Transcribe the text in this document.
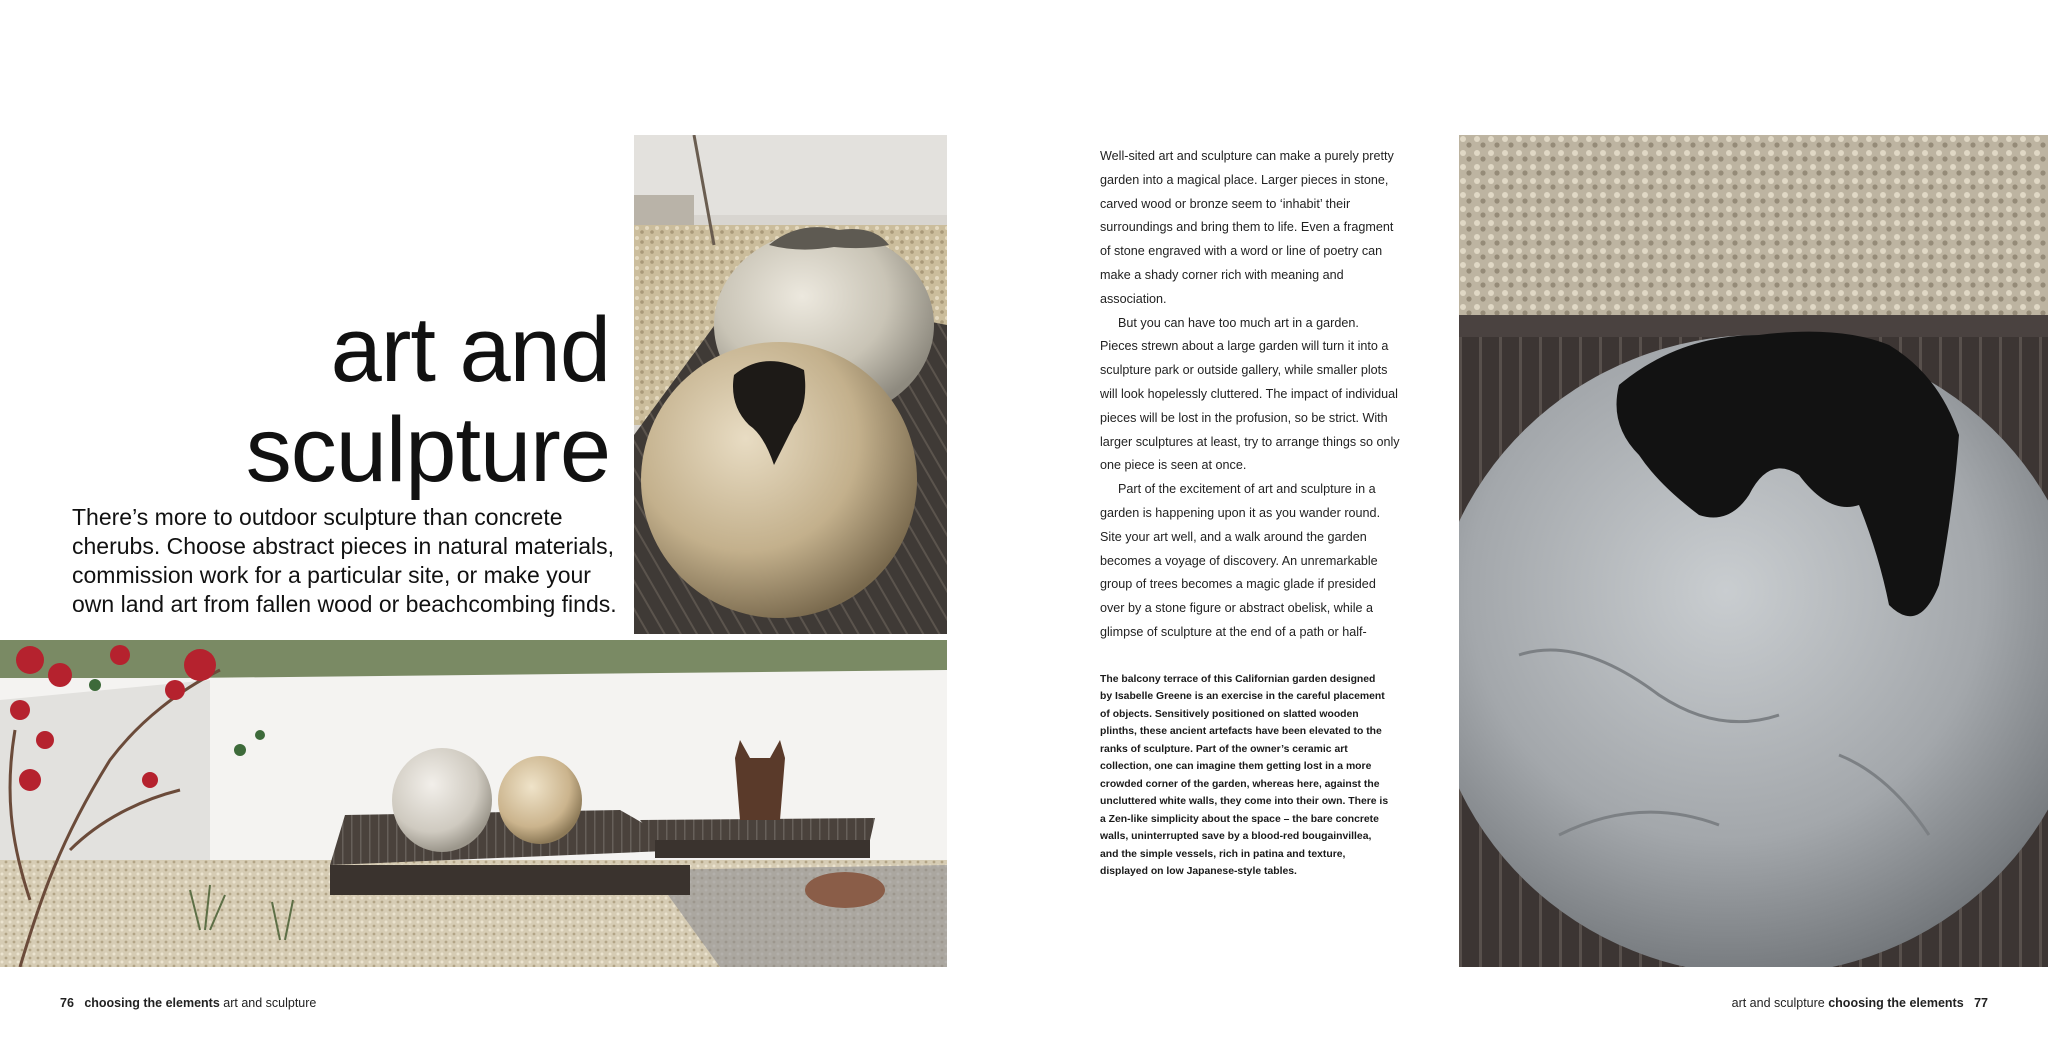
art and
sculpture
There’s more to outdoor sculpture than concrete cherubs. Choose abstract pieces in natural materials, commission work for a particular site, or make your own land art from fallen wood or beachcombing finds.

Well-sited art and sculpture can make a purely pretty garden into a magical place. Larger pieces in stone, carved wood or bronze seem to ‘inhabit’ their surroundings and bring them to life. Even a fragment of stone engraved with a word or line of poetry can make a shady corner rich with meaning and association.

But you can have too much art in a garden. Pieces strewn about a large garden will turn it into a sculpture park or outside gallery, while smaller plots will look hopelessly cluttered. The impact of individual pieces will be lost in the profusion, so be strict. With larger sculptures at least, try to arrange things so only one piece is seen at once.

Part of the excitement of art and sculpture in a garden is happening upon it as you wander round. Site your art well, and a walk around the garden becomes a voyage of discovery. An unremarkable group of trees becomes a magic glade if presided over by a stone figure or abstract obelisk, while a glimpse of sculpture at the end of a path or half-

The balcony terrace of this Californian garden designed by Isabelle Greene is an exercise in the careful placement of objects. Sensitively positioned on slatted wooden plinths, these ancient artefacts have been elevated to the ranks of sculpture. Part of the owner’s ceramic art collection, one can imagine them getting lost in a more crowded corner of the garden, whereas here, against the uncluttered white walls, they come into their own. There is a Zen-like simplicity about the space – the bare concrete walls, uninterrupted save by a blood-red bougainvillea, and the simple vessels, rich in patina and texture, displayed on low Japanese-style tables.
76 choosing the elements art and sculpture	art and sculpture choosing the elements 77
